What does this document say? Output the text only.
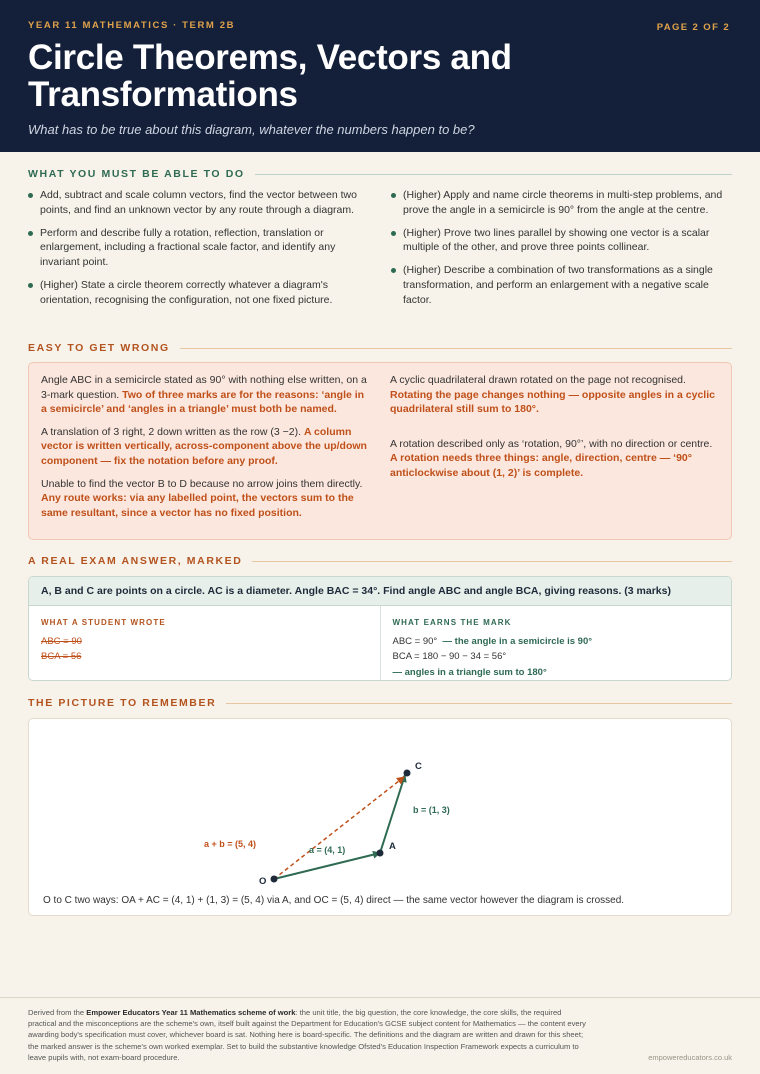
YEAR 11 MATHEMATICS · TERM 2B	PAGE 2 OF 2
Circle Theorems, Vectors and Transformations
What has to be true about this diagram, whatever the numbers happen to be?
WHAT YOU MUST BE ABLE TO DO
Add, subtract and scale column vectors, find the vector between two points, and find an unknown vector by any route through a diagram.
Perform and describe fully a rotation, reflection, translation or enlargement, including a fractional scale factor, and identify any invariant point.
(Higher) State a circle theorem correctly whatever a diagram's orientation, recognising the configuration, not one fixed picture.
(Higher) Apply and name circle theorems in multi-step problems, and prove the angle in a semicircle is 90° from the angle at the centre.
(Higher) Prove two lines parallel by showing one vector is a scalar multiple of the other, and prove three points collinear.
(Higher) Describe a combination of two transformations as a single transformation, and perform an enlargement with a negative scale factor.
EASY TO GET WRONG

Angle ABC in a semicircle stated as 90° with nothing else written, on a 3-mark question. Two of three marks are for the reasons: ‘angle in a semicircle’ and ‘angles in a triangle’ must both be named.

A translation of 3 right, 2 down written as the row (3 −2). A column vector is written vertically, across-component above the up/down component — fix the notation before any proof.

Unable to find the vector B to D because no arrow joins them directly. Any route works: via any labelled point, the vectors sum to the same resultant, since a vector has no fixed position.

A cyclic quadrilateral drawn rotated on the page not recognised. Rotating the page changes nothing — opposite angles in a cyclic quadrilateral still sum to 180°.

A rotation described only as ‘rotation, 90°’, with no direction or centre. A rotation needs three things: angle, direction, centre — ‘90° anticlockwise about (1, 2)’ is complete.

A REAL EXAM ANSWER, MARKED
A, B and C are points on a circle. AC is a diameter. Angle BAC = 34°. Find angle ABC and angle BCA, giving reasons. (3 marks)
WHAT A STUDENT WROTE
ABC = 90
BCA = 56
WHAT EARNS THE MARK
ABC = 90° — the angle in a semicircle is 90°
BCA = 180 − 90 − 34 = 56°
— angles in a triangle sum to 180°
THE PICTURE TO REMEMBER
O
A
C
a = (4, 1)
b = (1, 3)
a + b = (5, 4)
O to C two ways: OA + AC = (4, 1) + (1, 3) = (5, 4) via A, and OC = (5, 4) direct — the same vector however the diagram is crossed.
Derived from the Empower Educators Year 11 Mathematics scheme of work: the unit title, the big question, the core knowledge, the core skills, the required practical and the misconceptions are the scheme's own, itself built against the Department for Education's GCSE subject content for Mathematics — the content every awarding body's specification must cover, whichever board is sat. Nothing here is board-specific. The definitions and the diagram are written and drawn for this sheet; the marked answer is the scheme's own worked exemplar. Set to build the substantive knowledge Ofsted's Education Inspection Framework expects a curriculum to leave pupils with, not exam-board procedure.	empowereducators.co.uk
